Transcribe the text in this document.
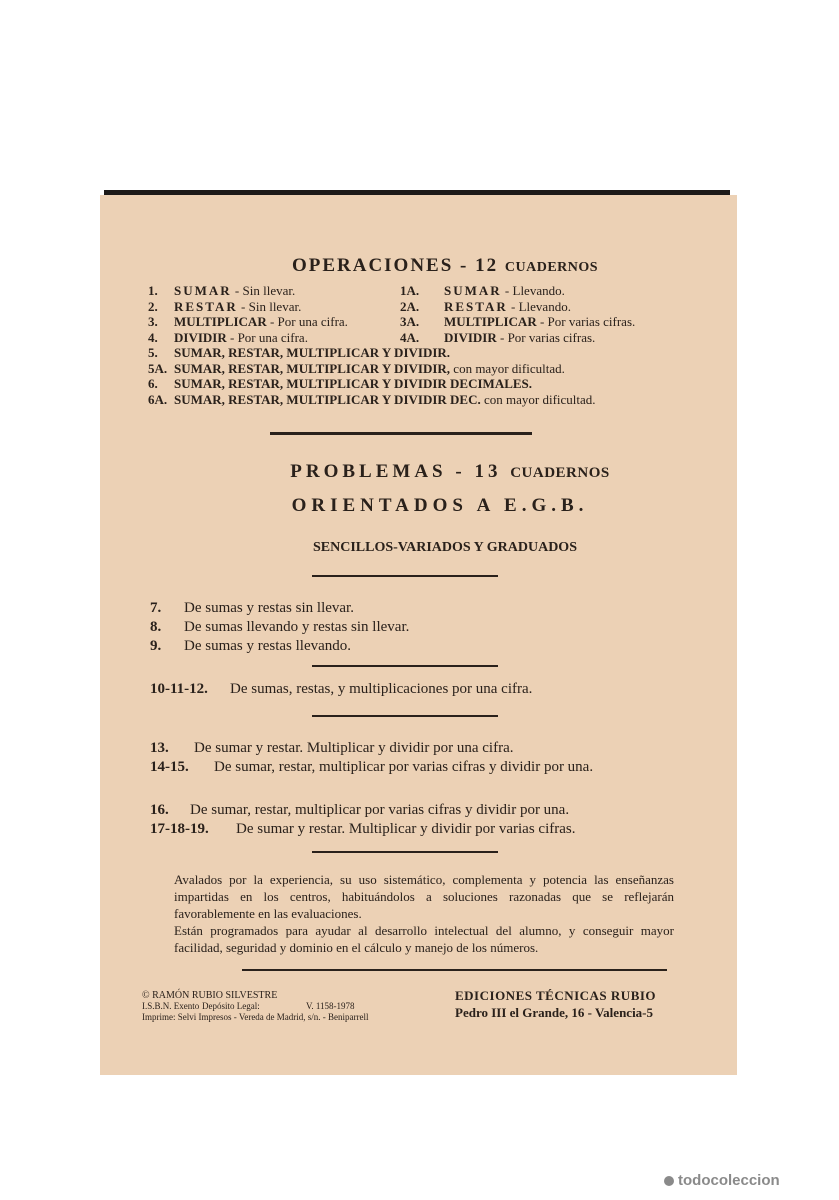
OPERACIONES - 12 CUADERNOS
1.	SUMAR - Sin llevar.	1A.	SUMAR - Llevando.
2.	RESTAR - Sin llevar.	2A.	RESTAR - Llevando.
3.	MULTIPLICAR - Por una cifra.	3A.	MULTIPLICAR - Por varias cifras.
4.	DIVIDIR - Por una cifra.	4A.	DIVIDIR - Por varias cifras.
5.	SUMAR, RESTAR, MULTIPLICAR Y DIVIDIR.
5A. SUMAR, RESTAR, MULTIPLICAR Y DIVIDIR, con mayor dificultad.
6.	SUMAR, RESTAR, MULTIPLICAR Y DIVIDIR DECIMALES.
6A. SUMAR, RESTAR, MULTIPLICAR Y DIVIDIR DEC. con mayor dificultad.
PROBLEMAS - 13 CUADERNOS
ORIENTADOS A E.G.B.
SENCILLOS-VARIADOS Y GRADUADOS
7. De sumas y restas sin llevar.
8. De sumas llevando y restas sin llevar.
9. De sumas y restas llevando.
10-11-12. De sumas, restas, y multiplicaciones por una cifra.
13. De sumar y restar. Multiplicar y dividir por una cifra.
14-15. De sumar, restar, multiplicar por varias cifras y dividir por una.
16. De sumar, restar, multiplicar por varias cifras y dividir por una.
17-18-19. De sumar y restar. Multiplicar y dividir por varias cifras.
Avalados por la experiencia, su uso sistemático, complementa y potencia las enseñanzas impartidas en los centros, habituándolos a soluciones razonadas que se reflejarán favorablemente en las evaluaciones.
Están programados para ayudar al desarrollo intelectual del alumno, y conseguir mayor facilidad, seguridad y dominio en el cálculo y manejo de los números.
© RAMÓN RUBIO SILVESTRE
I.S.B.N. Exento Depósito Legal:	V. 1158-1978
Imprime: Selvi Impresos - Vereda de Madrid, s/n. - Beniparrell
EDICIONES TÉCNICAS RUBIO
Pedro III el Grande, 16 - Valencia-5
todocoleccion
